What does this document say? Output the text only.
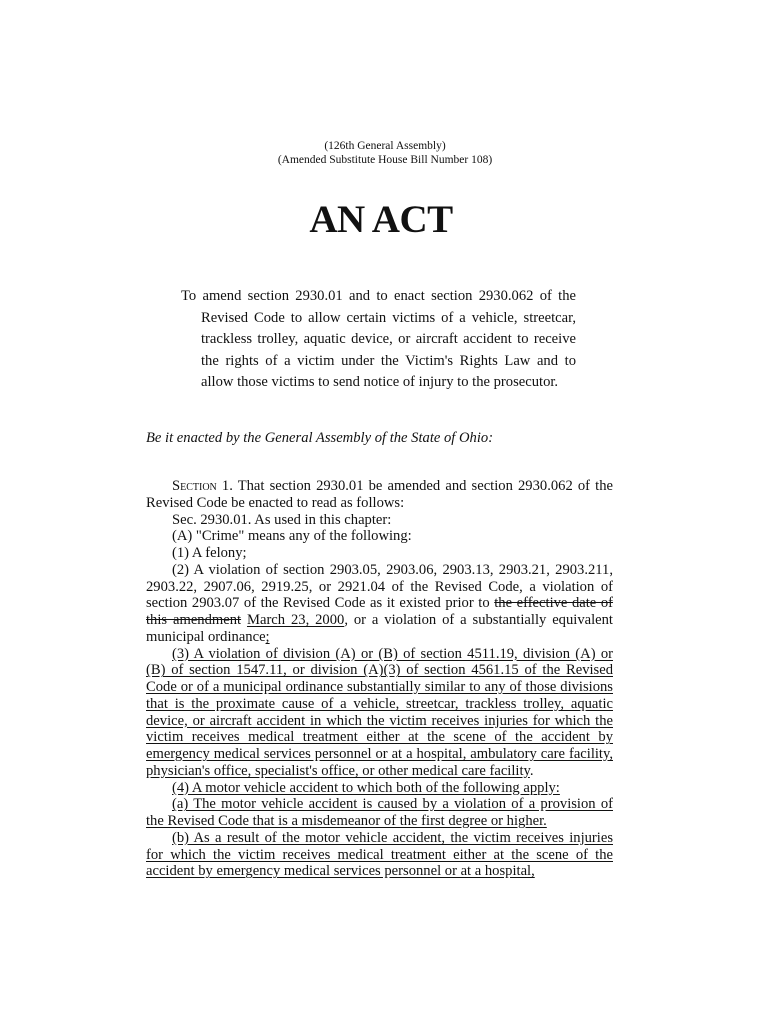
(126th General Assembly)
(Amended Substitute House Bill Number 108)
AN ACT
To amend section 2930.01 and to enact section 2930.062 of the Revised Code to allow certain victims of a vehicle, streetcar, trackless trolley, aquatic device, or aircraft accident to receive the rights of a victim under the Victim's Rights Law and to allow those victims to send notice of injury to the prosecutor.
Be it enacted by the General Assembly of the State of Ohio:

Section 1. That section 2930.01 be amended and section 2930.062 of the Revised Code be enacted to read as follows:

Sec. 2930.01. As used in this chapter:

(A) "Crime" means any of the following:

(1) A felony;

(2) A violation of section 2903.05, 2903.06, 2903.13, 2903.21, 2903.211, 2903.22, 2907.06, 2919.25, or 2921.04 of the Revised Code, a violation of section 2903.07 of the Revised Code as it existed prior to the effective date of this amendment March 23, 2000, or a violation of a substantially equivalent municipal ordinance;

(3) A violation of division (A) or (B) of section 4511.19, division (A) or (B) of section 1547.11, or division (A)(3) of section 4561.15 of the Revised Code or of a municipal ordinance substantially similar to any of those divisions that is the proximate cause of a vehicle, streetcar, trackless trolley, aquatic device, or aircraft accident in which the victim receives injuries for which the victim receives medical treatment either at the scene of the accident by emergency medical services personnel or at a hospital, ambulatory care facility, physician's office, specialist's office, or other medical care facility.

(4) A motor vehicle accident to which both of the following apply:

(a) The motor vehicle accident is caused by a violation of a provision of the Revised Code that is a misdemeanor of the first degree or higher.

(b) As a result of the motor vehicle accident, the victim receives injuries for which the victim receives medical treatment either at the scene of the accident by emergency medical services personnel or at a hospital,
